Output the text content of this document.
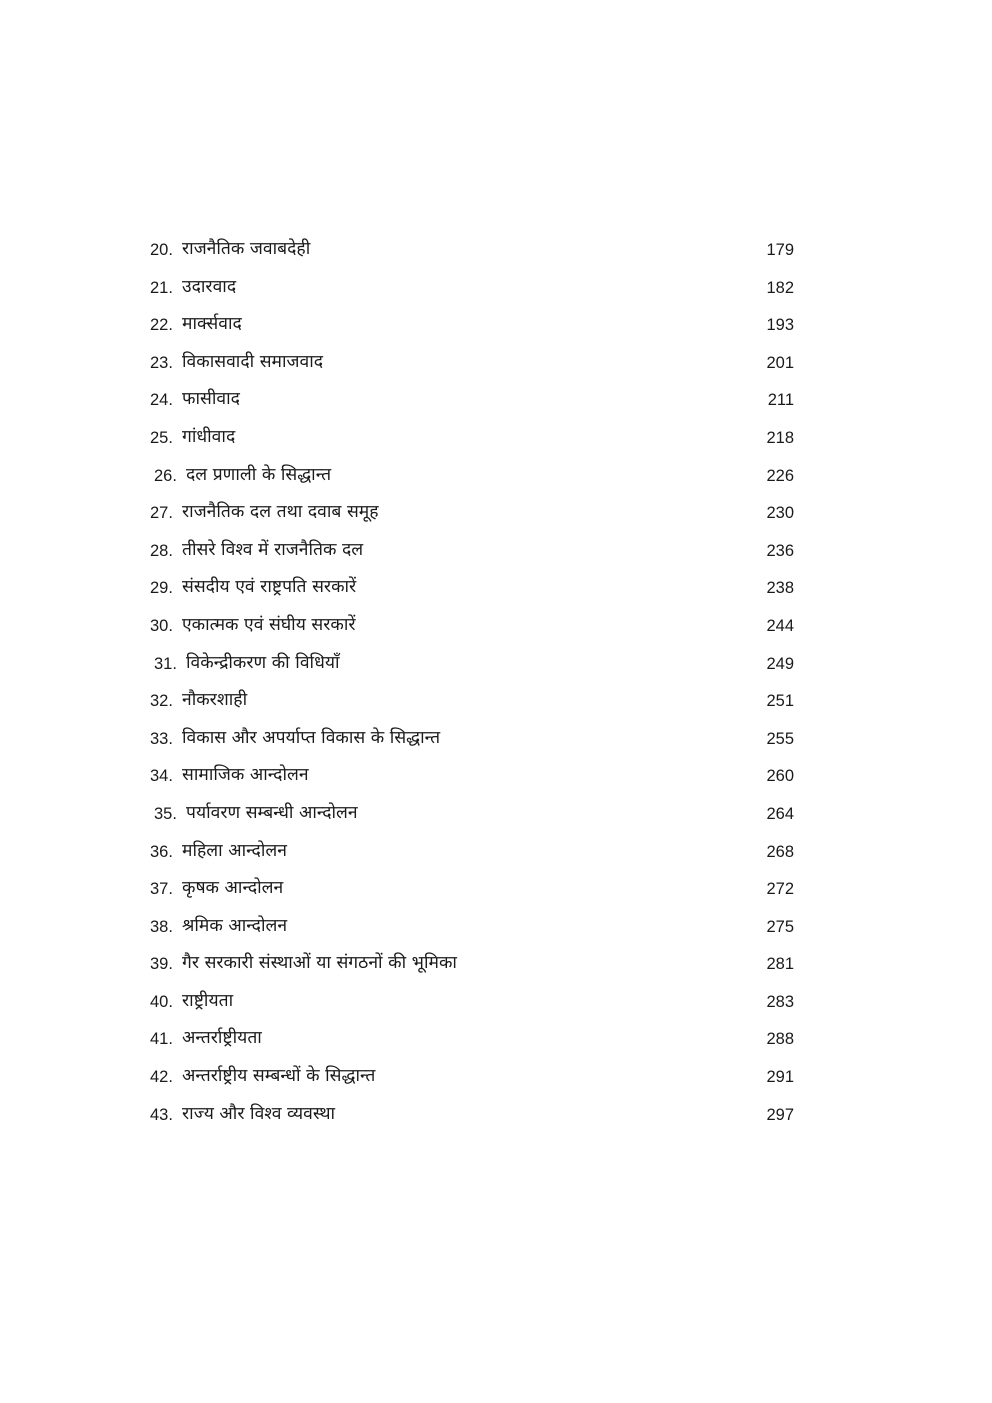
20. राजनैतिक जवाबदेही	179
21. उदारवाद	182
22. मार्क्सवाद	193
23. विकासवादी समाजवाद	201
24. फासीवाद	211
25. गांधीवाद	218
26. दल प्रणाली के सिद्धान्त	226
27. राजनैतिक दल तथा दवाब समूह	230
28. तीसरे विश्व में राजनैतिक दल	236
29. संसदीय एवं राष्ट्रपति सरकारें	238
30. एकात्मक एवं संघीय सरकारें	244
31. विकेन्द्रीकरण की विधियाँ	249
32. नौकरशाही	251
33. विकास और अपर्याप्त विकास के सिद्धान्त	255
34. सामाजिक आन्दोलन	260
35. पर्यावरण सम्बन्धी आन्दोलन	264
36. महिला आन्दोलन	268
37. कृषक आन्दोलन	272
38. श्रमिक आन्दोलन	275
39. गैर सरकारी संस्थाओं या संगठनों की भूमिका	281
40. राष्ट्रीयता	283
41. अन्तर्राष्ट्रीयता	288
42. अन्तर्राष्ट्रीय सम्बन्धों के सिद्धान्त	291
43. राज्य और विश्व व्यवस्था	297
